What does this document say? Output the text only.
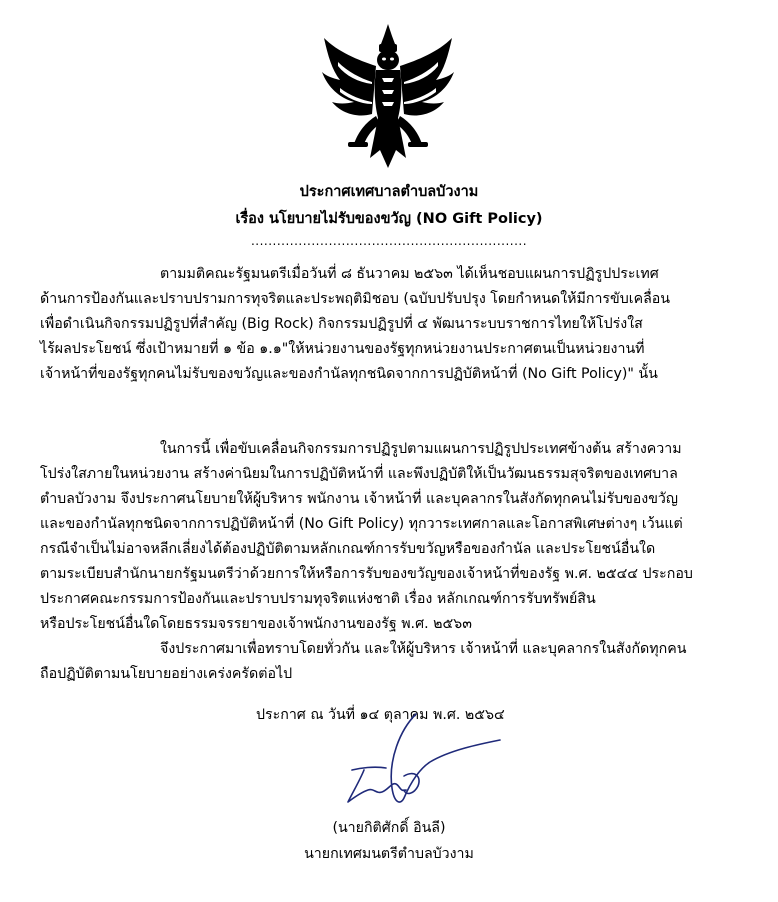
ประกาศเทศบาลตำบลบัวงาม
เรื่อง นโยบายไม่รับของขวัญ (NO Gift Policy)
................................................................
ตามมติคณะรัฐมนตรีเมื่อวันที่ ๘ ธันวาคม ๒๕๖๓ ได้เห็นชอบแผนการปฏิรูปประเทศ
ด้านการป้องกันและปราบปรามการทุจริตและประพฤติมิชอบ (ฉบับปรับปรุง โดยกำหนดให้มีการขับเคลื่อน
เพื่อดำเนินกิจกรรมปฏิรูปที่สำคัญ (Big Rock) กิจกรรมปฏิรูปที่ ๔ พัฒนาระบบราชการไทยให้โปร่งใส
ไร้ผลประโยชน์ ซึ่งเป้าหมายที่ ๑ ข้อ ๑.๑"ให้หน่วยงานของรัฐทุกหน่วยงานประกาศตนเป็นหน่วยงานที่
เจ้าหน้าที่ของรัฐทุกคนไม่รับของขวัญและของกำนัลทุกชนิดจากการปฏิบัติหน้าที่ (No Gift Policy)" นั้น
ในการนี้ เพื่อขับเคลื่อนกิจกรรมการปฏิรูปตามแผนการปฏิรูปประเทศข้างต้น สร้างความ
โปร่งใสภายในหน่วยงาน สร้างค่านิยมในการปฏิบัติหน้าที่ และพึงปฏิบัติให้เป็นวัฒนธรรมสุจริตของเทศบาล
ตำบลบัวงาม จึงประกาศนโยบายให้ผู้บริหาร พนักงาน เจ้าหน้าที่ และบุคลากรในสังกัดทุกคนไม่รับของขวัญ
และของกำนัลทุกชนิดจากการปฏิบัติหน้าที่ (No Gift Policy) ทุกวาระเทศกาลและโอกาสพิเศษต่างๆ เว้นแต่
กรณีจำเป็นไม่อาจหลีกเลี่ยงได้ต้องปฏิบัติตามหลักเกณฑ์การรับขวัญหรือของกำนัล และประโยชน์อื่นใด
ตามระเบียบสำนักนายกรัฐมนตรีว่าด้วยการให้หรือการรับของขวัญของเจ้าหน้าที่ของรัฐ พ.ศ. ๒๕๔๔ ประกอบ
ประกาศคณะกรรมการป้องกันและปราบปรามทุจริตแห่งชาติ เรื่อง หลักเกณฑ์การรับทรัพย์สิน
หรือประโยชน์อื่นใดโดยธรรมจรรยาของเจ้าพนักงานของรัฐ พ.ศ. ๒๕๖๓
จึงประกาศมาเพื่อทราบโดยทั่วกัน และให้ผู้บริหาร เจ้าหน้าที่ และบุคลากรในสังกัดทุกคน
ถือปฏิบัติตามนโยบายอย่างเคร่งครัดต่อไป
ประกาศ ณ วันที่ ๑๔ ตุลาคม พ.ศ. ๒๕๖๔
(นายกิติศักดิ์ อินลี)
นายกเทศมนตรีตำบลบัวงาม
